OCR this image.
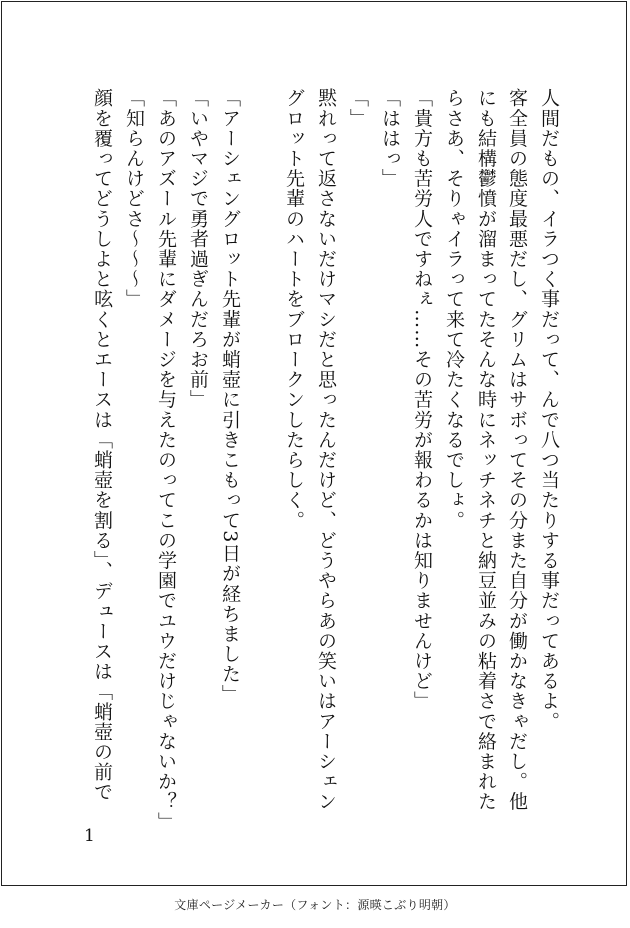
人間だもの、イラつく事だって、んで八つ当たりする事だってあるよ。
客全員の態度最悪だし、グリムはサボってその分また自分が働かなきゃだし。他
にも結構鬱憤が溜まってたそんな時にネッチネチと納豆並みの粘着さで絡まれた
らさあ、そりゃイラって来て冷たくなるでしょ。
「貴方も苦労人ですねぇ……その苦労が報わるかは知りませんけど」
「ははっ」
「」
黙れって返さないだけマシだと思ったんだけど、どうやらあの笑いはアーシェン
グロット先輩のハートをブロークンしたらしく。
「アーシェングロット先輩が蛸壺に引きこもって3日が経ちました」
「いやマジで勇者過ぎんだろお前」
「あのアズール先輩にダメージを与えたのってこの学園でユウだけじゃないか？」
「知らんけどさ〜〜〜」
顔を覆ってどうしよと呟くとエースは「蛸壺を割る」、デュースは「蛸壺の前で
1
文庫ページメーカー（フォント：源暎こぶり明朝）
